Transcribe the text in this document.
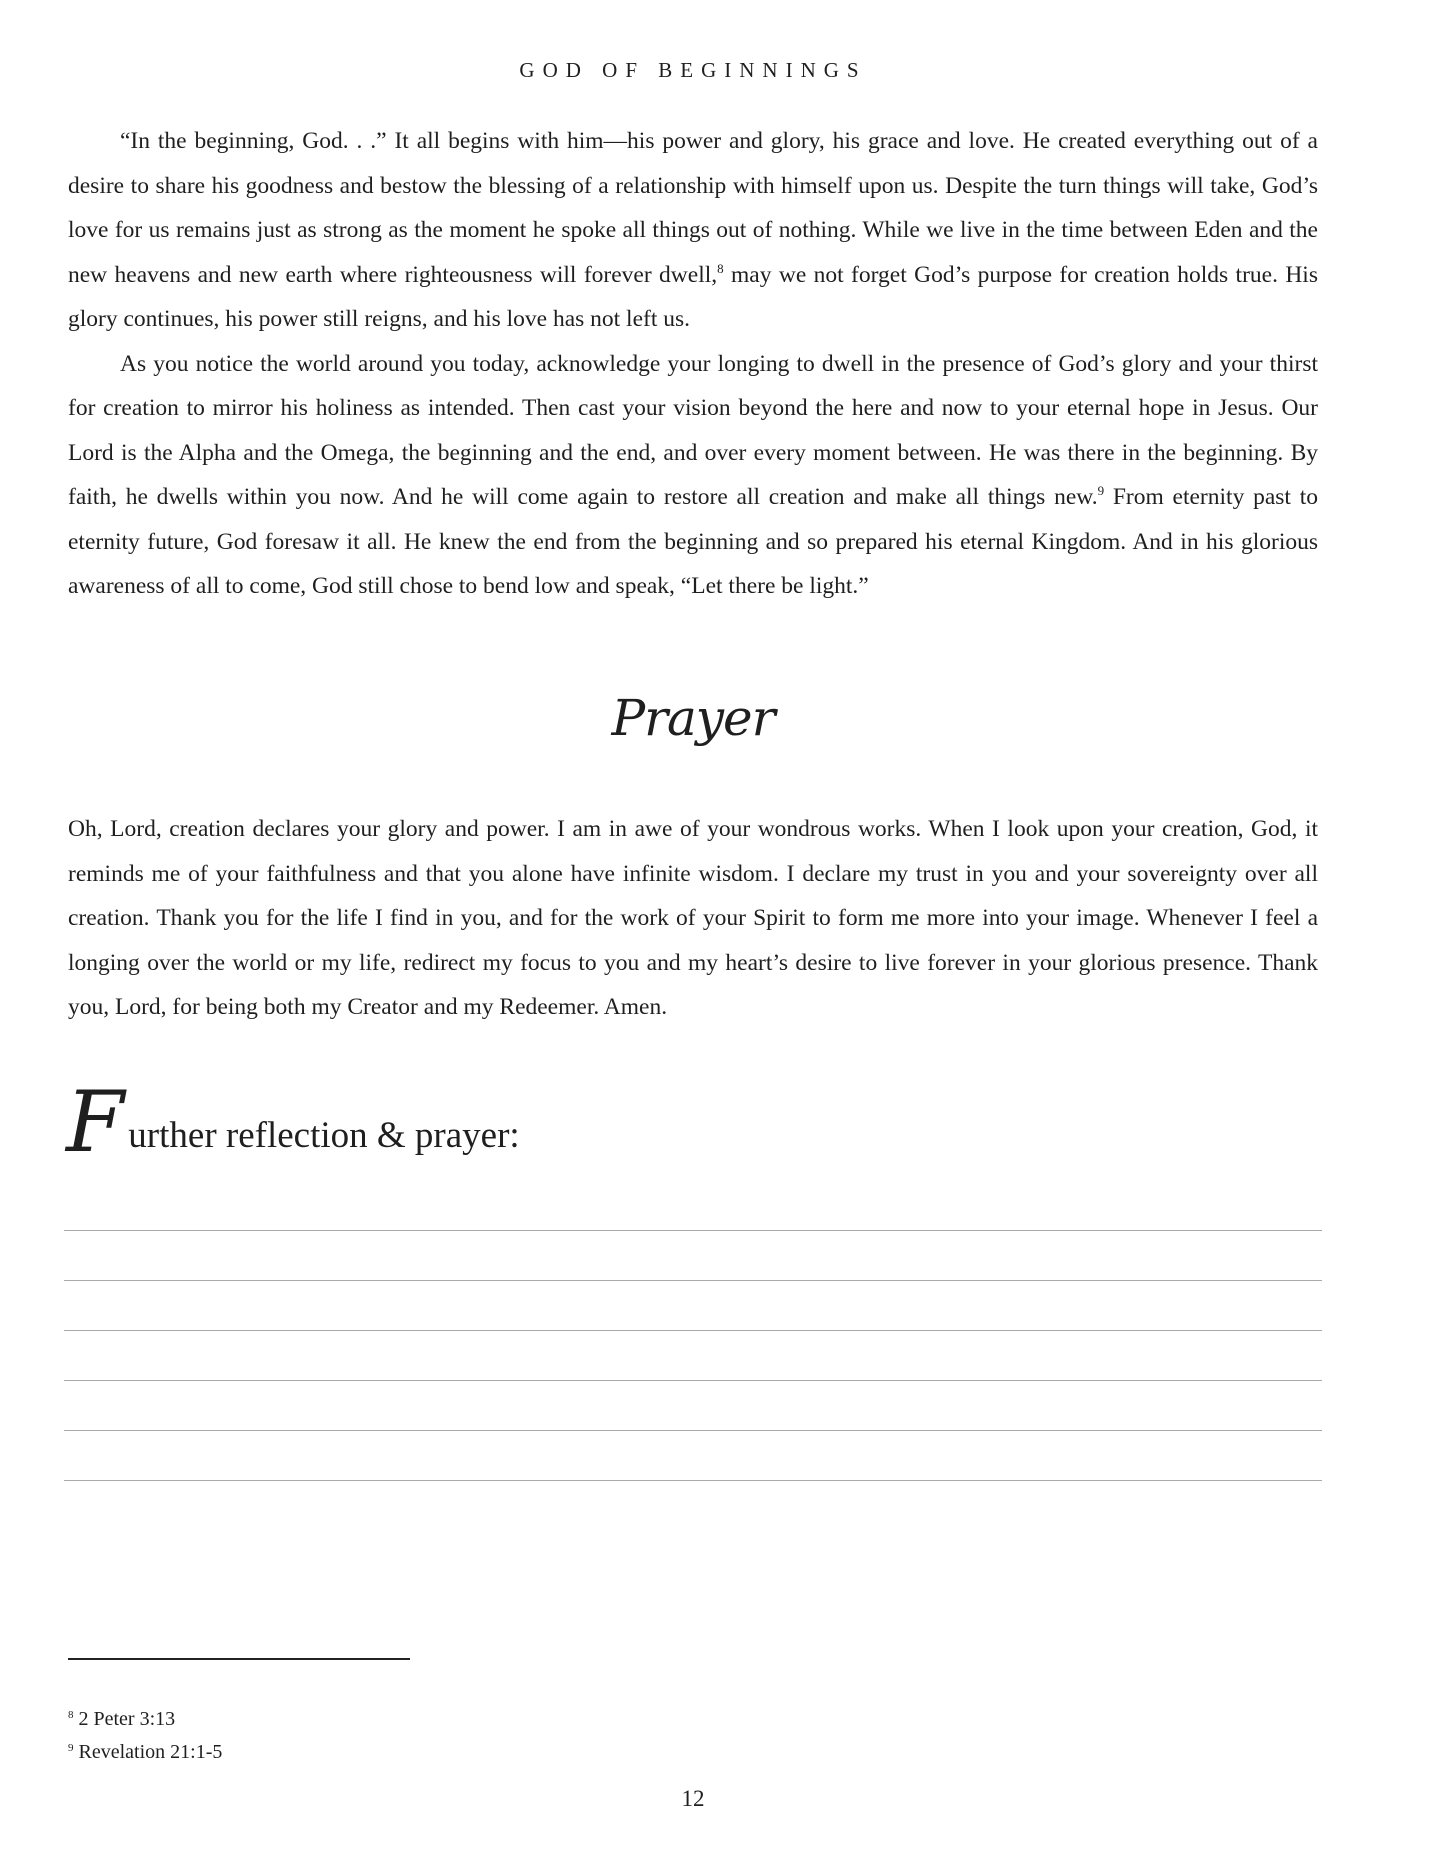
GOD OF BEGINNINGS

“In the beginning, God. . .” It all begins with him—his power and glory, his grace and love. He created everything out of a desire to share his goodness and bestow the blessing of a relationship with himself upon us. Despite the turn things will take, God’s love for us remains just as strong as the moment he spoke all things out of nothing. While we live in the time between Eden and the new heavens and new earth where righteousness will forever dwell,$^8$ may we not forget God’s purpose for creation holds true. His glory continues, his power still reigns, and his love has not left us.

As you notice the world around you today, acknowledge your longing to dwell in the presence of God’s glory and your thirst for creation to mirror his holiness as intended. Then cast your vision beyond the here and now to your eternal hope in Jesus. Our Lord is the Alpha and the Omega, the beginning and the end, and over every moment between. He was there in the beginning. By faith, he dwells within you now. And he will come again to restore all creation and make all things new.$^9$ From eternity past to eternity future, God foresaw it all. He knew the end from the beginning and so prepared his eternal Kingdom. And in his glorious awareness of all to come, God still chose to bend low and speak, “Let there be light.”

Prayer

Oh, Lord, creation declares your glory and power. I am in awe of your wondrous works. When I look upon your creation, God, it reminds me of your faithfulness and that you alone have infinite wisdom. I declare my trust in you and your sovereignty over all creation. Thank you for the life I find in you, and for the work of your Spirit to form me more into your image. Whenever I feel a longing over the world or my life, redirect my focus to you and my heart’s desire to live forever in your glorious presence. Thank you, Lord, for being both my Creator and my Redeemer. Amen.

Further reflection & prayer:
$^8$ 2 Peter 3:13
$^9$ Revelation 21:1-5
12
